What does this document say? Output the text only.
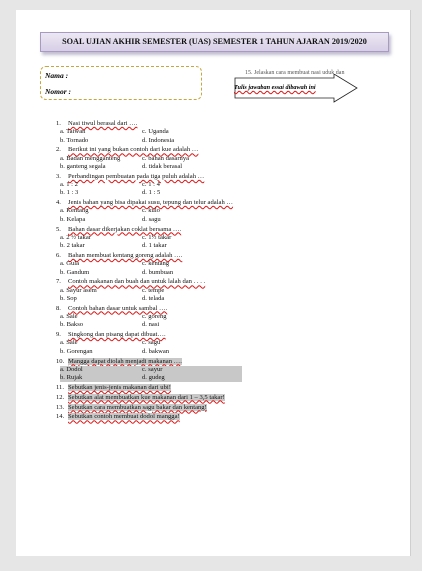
SOAL UJIAN AKHIR SEMESTER (UAS) SEMESTER 1 TAHUN AJARAN 2019/2020
Nama :
Nomor :
15. Jelaskan cara membuat nasi uduk dan
Tulis jawaban essai dibawah ini
1. Nasi tiwul berasal dari ….
a. Taiwan	c. Uganda
b. Tornado	d. Indonesia
2. Berikut ini yang bukan contoh dari kue adalah …
a. Badan mengganteng	c. bahan dasarnya
b. ganteng segala	d. tidak berasal
3. Perbandingan pembuatan pada tiga puluh adalah …
a. 1 : 2	c. 1 : 4
b. 1 : 3	d. 1 : 5
4. Jenis bahan yang bisa dipakai susu, tepung dan telur adalah …
a. Kentang	c. kulo
b. Kelapa	d. sagu
5. Bahan dasar dikerjakan coklat bersama ….
a. 2 ½ takar	c. 1½ takar
b. 2 takar	d. 1 takar
6. Bahan membuat kentang goreng adalah ….
a. Gula	c. kentang
b. Gandum	d. bumbuan
7. Contoh makanan dan buah dan untuk lalah dan . . . .
a. Sayur asem	c. tempe
b. Sop	d. telada
8. Contoh bahan dasar untuk sambal ….
a. Sale	c. goreng
b. Bakso	d. nasi
9. Singkong dan pisang dapat dibuat….
a. Sale	c. sagu
b. Gorengan	d. bakwan
10. Mangga dapat diolah menjadi makanan ….
a. Dodol	c. sayur
b. Rujak	d. gudeg
11. Sebutkan jenis-jenis makanan dari ubi!
12. Sebutkan alat membuatkan kue makanan dari 1 – 3,5 takar!
13. Sebutkan cara membuatkan sagu bakar dan kentang!
14. Sebutkan contoh membuat dodol mangga!
